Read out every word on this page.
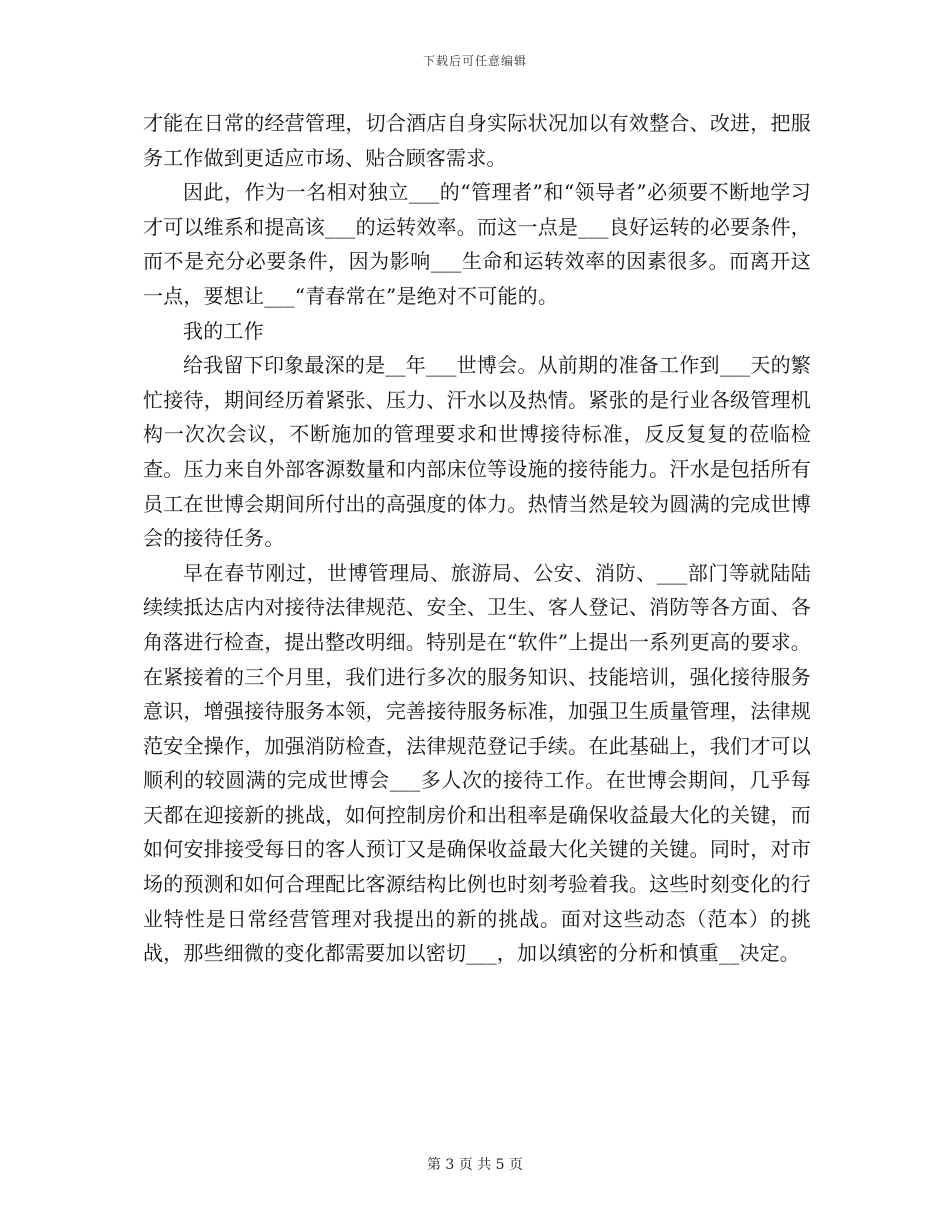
下载后可任意编辑

才能在日常的经营管理，切合酒店自身实际状况加以有效整合、改进，把服务工作做到更适应市场、贴合顾客需求。

因此，作为一名相对独立___的“管理者”和“领导者”必须要不断地学习才可以维系和提高该___的运转效率。而这一点是___良好运转的必要条件，而不是充分必要条件，因为影响___生命和运转效率的因素很多。而离开这一点，要想让___“青春常在”是绝对不可能的。

我的工作

给我留下印象最深的是__年___世博会。从前期的准备工作到___天的繁忙接待，期间经历着紧张、压力、汗水以及热情。紧张的是行业各级管理机构一次次会议，不断施加的管理要求和世博接待标准，反反复复的莅临检查。压力来自外部客源数量和内部床位等设施的接待能力。汗水是包括所有员工在世博会期间所付出的高强度的体力。热情当然是较为圆满的完成世博会的接待任务。

早在春节刚过，世博管理局、旅游局、公安、消防、___部门等就陆陆续续抵达店内对接待法律规范、安全、卫生、客人登记、消防等各方面、各角落进行检查，提出整改明细。特别是在“软件”上提出一系列更高的要求。在紧接着的三个月里，我们进行多次的服务知识、技能培训，强化接待服务意识，增强接待服务本领，完善接待服务标准，加强卫生质量管理，法律规范安全操作，加强消防检查，法律规范登记手续。在此基础上，我们才可以顺利的较圆满的完成世博会___多人次的接待工作。在世博会期间，几乎每天都在迎接新的挑战，如何控制房价和出租率是确保收益最大化的关键，而如何安排接受每日的客人预订又是确保收益最大化关键的关键。同时，对市场的预测和如何合理配比客源结构比例也时刻考验着我。这些时刻变化的行业特性是日常经营管理对我提出的新的挑战。面对这些动态（范本）的挑战，那些细微的变化都需要加以密切___，加以缜密的分析和慎重__决定。

第 3 页 共 5 页
